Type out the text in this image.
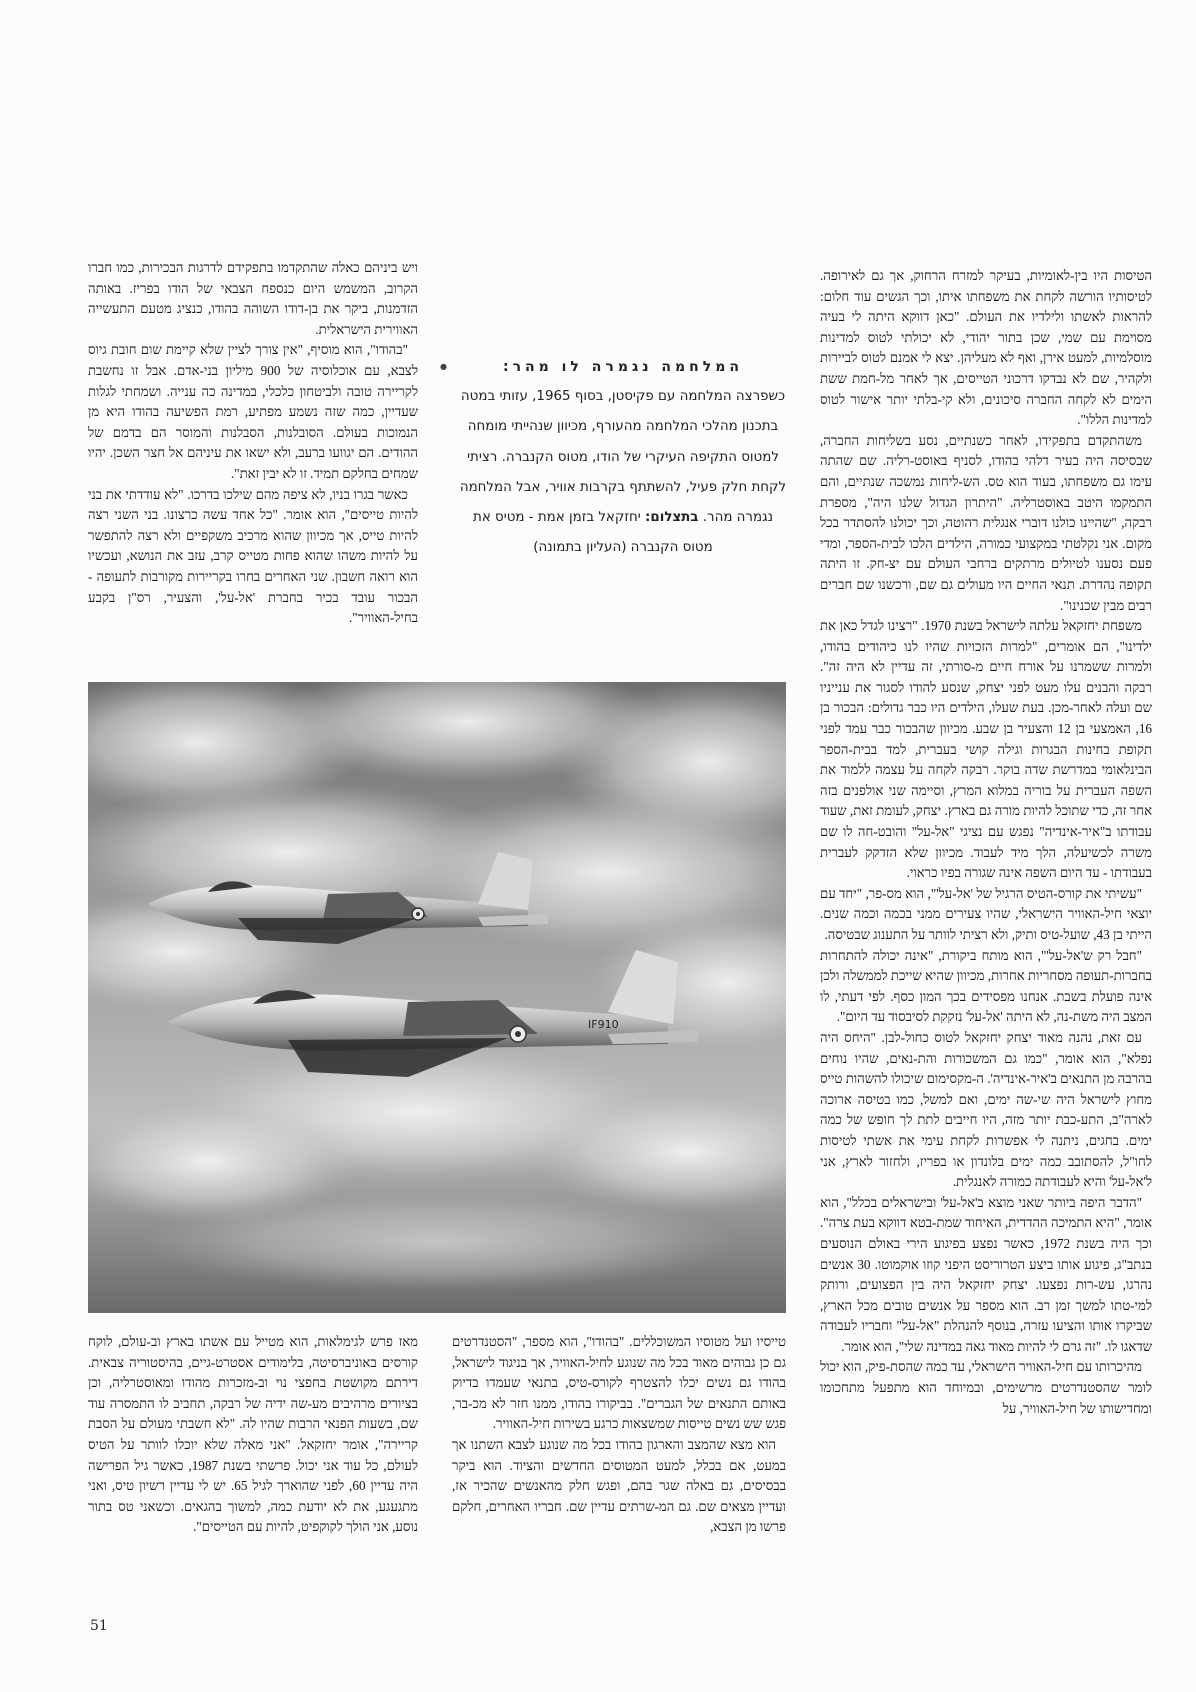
ויש ביניהם כאלה שהתקדמו בתפקידם לדרגות הבכירות, כמו חברו הקרוב, המשמש היום כנספח הצבאי של הודו בפריז. באותה הזדמנות, ביקר את בן-דודו השוהה בהודו, כנציג מטעם התעשייה האווירית הישראלית.

"בהודו", הוא מוסיף, "אין צורך לציין שלא קיימת שום חובת גיוס לצבא, עם אוכלוסיה של 900 מיליון בני-אדם. אבל זו נחשבת לקריירה טובה ולביטחון כלכלי, במדינה כה ענייה. ושמחתי לגלות שעדיין, כמה שזה נשמע מפתיע, רמת הפשיעה בהודו היא מן הנמוכות בעולם. הסובלנות, הסבלנות והמוסר הם בדמם של ההודים. הם יגוועו ברעב, ולא ישאו את עיניהם אל חצר השכן. יהיו שמחים בחלקם תמיד. זו לא יבין זאת".

כאשר בגרו בניו, לא ציפה מהם שילכו בדרכו. "לא עודדתי את בני להיות טייסים", הוא אומר. "כל אחד עשה כרצונו. בני השני רצה להיות טייס, אך מכיוון שהוא מרכיב משקפיים ולא רצה להתפשר על להיות משהו שהוא פחות מטייס קרב, עזב את הנושא, ועכשיו הוא רואה חשבון. שני האחרים בחרו בקריירות מקורבות לתעופה - הבכור עובד בכיר בחברת 'אל-על', והצעיר, רס"ן בקבע בחיל-האוויר".

●	המלחמה נגמרה לו מהר:
כשפרצה המלחמה עם פקיסטן, בסוף 1965, עזותי במטה בתכנון מהלכי המלחמה מהעורף, מכיוון שנהייתי מומחה למטוס התקיפה העיקרי של הודו, מטוס הקנברה. רציתי לקחת חלק פעיל, להשתתף בקרבות אוויר, אבל המלחמה נגמרה מהר. בתצלום: יחזקאל בזמן אמת - מטיס את מטוס הקנברה (העליון בתמונה)

הטיסות היו בין-לאומיות, בעיקר למזרח הרחוק, אך גם לאירופה. לטיסותיו הורשה לקחת את משפחתו איתו, וכך הגשים עוד חלום: להראות לאשתו ולילדיו את העולם. "כאן דווקא היתה לי בעיה מסוימת עם שמי, שכן בתור יהודי, לא יכולתי לטוס למדינות מוסלמיות, למעט אירן, ואף לא מעליהן. יצא לי אמנם לטוס לביירות ולקהיר, שם לא נבדקו דרכוני הטייסים, אך לאחר מל-חמת ששת הימים לא לקחה החברה סיכונים, ולא קי-בלתי יותר אישור לטוס למדינות הללו".

משהתקדם בתפקידו, לאחר כשנתיים, נסע בשליחות החברה, שבסיסה היה בעיר דלהי בהודו, לסניף באוסט-רליה. שם שהתה עימו גם משפחתו, בעוד הוא טס. הש-ליחות נמשכה שנתיים, והם התמקמו היטב באוסטרליה. "היתרון הגדול שלנו היה", מספרת רבקה, "שהיינו כולנו דוברי אנגלית רהוטה, וכך יכולנו להסתדר בכל מקום. אני נקלטתי במקצועי כמורה, הילדים הלכו לבית-הספר, ומדי פעם נסענו לטיולים מרתקים ברחבי העולם עם יצ-חק. זו היתה תקופה נהדרת. תנאי החיים היו מעולים גם שם, ורכשנו שם חברים רבים מבין שכנינו".

משפחת יחזקאל עלתה לישראל בשנת 1970. "רצינו לגדל כאן את ילדינו", הם אומרים, "למרות הזכויות שהיו לנו כיהודים בהודו, ולמרות ששמרנו על אורח חיים מ-סורתי, זה עדיין לא היה זה". רבקה והבנים עלו מעט לפני יצחק, שנסע להודו לסגור את ענייניו שם ועלה לאחר-מכן. בעת שעלו, הילדים היו כבר גדולים: הבכור בן 16, האמצעי בן 12 והצעיר בן שבע. מכיוון שהבכור כבר עמד לפני תקופת בחינות הבגרות וגילה קושי בעברית, למד בבית-הספר הבינלאומי במדרשת שדה בוקר. רבקה לקחה על עצמה ללמוד את השפה העברית על בוריה במלוא המרץ, וסיימה שני אולפנים בזה אחר זה, כדי שתוכל להיות מורה גם בארץ. יצחק, לעומת זאת, שעוד עבודתו ב"איר-אינדיה" נפגש עם נציגי "אל-על" והובט-חה לו שם משרה לכשיעלה, הלך מיד לעבוד. מכיוון שלא הזדקק לעברית בעבודתו - עד היום השפה אינה שגורה בפיו כראוי.

"עשיתי את קורס-הטיס הרגיל של 'אל-על'", הוא מס-פר, "יחד עם יוצאי חיל-האוויר הישראלי, שהיו צעירים ממני בכמה וכמה שנים. הייתי בן 43, שועל-טיס ותיק, ולא רציתי לוותר על התענוג שבטיסה.

"חבל רק ש'אל-על'", הוא מותח ביקורת, "אינה יכולה להתחרות בחברות-תעופה מסחריות אחרות, מכיוון שהיא שייכת לממשלה ולכן אינה פועלת בשבת. אנחנו מפסידים בכך המון כסף. לפי דעתי, לו המצב היה משת-נה, לא היתה 'אל-על' נזקקת לסיבסוד עד היום".

עם זאת, נהנה מאוד יצחק יחזקאל לטוס כחול-לבן. "היחס היה נפלא", הוא אומר, "כמו גם המשכורות והת-נאים, שהיו נוחים בהרבה מן התנאים ב'איר-אינדיה'. ה-מקסימום שיכולו להשהות טייס מחוץ לישראל היה שי-שה ימים, ואם למשל, כמו בטיסה ארוכה לארה"ב, התע-כבת יותר מזה, היו חייבים לתת לך חופש של כמה ימים. בחגים, ניתנה לי אפשרות לקחת עימי את אשתי לטיסות לחו"ל, להסתובב כמה ימים בלונדון או בפריז, ולחזור לארץ, אני ל'אל-על' והיא לעבודתה כמורה לאנגלית.

"הדבר היפה ביותר שאני מוצא ב'אל-על' ובישראלים בכלל", הוא אומר, "היא התמיכה ההדדית, האיחוד שמת-בטא דווקא בעת צרה". וכך היה בשנת 1972, כאשר נפצע בפיגוע הירי באולם הנוסעים בנתב"ג, פיגוע אותו ביצע הטרוריסט היפני קוזו אוקמוטו. 30 אנשים נהרגו, עש-רות נפצעו. יצחק יחזקאל היה בין הפצועים, ורותק למי-טתו למשך זמן רב. הוא מספר על אנשים טובים מכל הארץ, שביקרו אותו והציעו עזרה, בנוסף להנהלת "אל-על" וחבריו לעבודה שדאגו לו. "זה גרם לי להיות מאוד גאה במדינה שלי", הוא אומר.

מהיכרותו עם חיל-האוויר הישראלי, עד כמה שהסת-פיק, הוא יכול לומר שהסטנדרטים מרשימים, ובמיוחד הוא מתפעל מתחכומו ומחדישותו של חיל-האוויר, על

IF910

טייסיו ועל מטוסיו המשוכללים. "בהודו", הוא מספר, "הסטנדרטים גם כן גבוהים מאוד בכל מה שנוגע לחיל-האוויר, אך בניגוד לישראל, בהודו גם נשים יכלו להצטרף לקורס-טיס, בתנאי שעמדו בדיוק באותם התנאים של הגברים". בביקורו בהודו, ממנו חזר לא מכ-בר, פגש שש נשים טייסות שמשצאות כרגע בשירות חיל-האוויר.

הוא מצא שהמצב והארגון בהודו בכל מה שנוגע לצבא השתנו אך במעט, אם בכלל, למעט המטוסים החדשים והציוד. הוא ביקר בבסיסים, גם באלה שגר בהם, ופגש חלק מהאנשים שהכיר אז, ועדיין מצאים שם. גם המ-שרתים עדיין שם. חבריו האחרים, חלקם פרשו מן הצבא,

מאז פרש לגימלאות, הוא מטייל עם אשתו בארץ וב-עולם, לוקח קורסים באוניברסיטה, בלימודים אסטרט-גיים, בהיסטוריה צבאית. דירתם מקושטת בחפצי נוי וב-מזכרות מהודו ומאוסטרליה, וכן בציורים מרהיבים מע-שה ידיה של רבקה, תחביב לו התמסרה עוד שם, בשעות הפנאי הרבות שהיו לה. "לא חשבתי מעולם על הסבת קריירה", אומר יחזקאל. "אני מאלה שלא יוכלו לוותר על הטיס לעולם, כל עוד אני יכול. פרשתי בשנת 1987, כאשר גיל הפרישה היה עדיין 60, לפני שהוארך לגיל 65. יש לי עדיין רשיון טיס, ואני מתגעגע, את לא יודעת כמה, למשוך בהגאים. וכשאני טס בתור נוסע, אני הולך לקוקפיט, להיות עם הטייסים".

51
